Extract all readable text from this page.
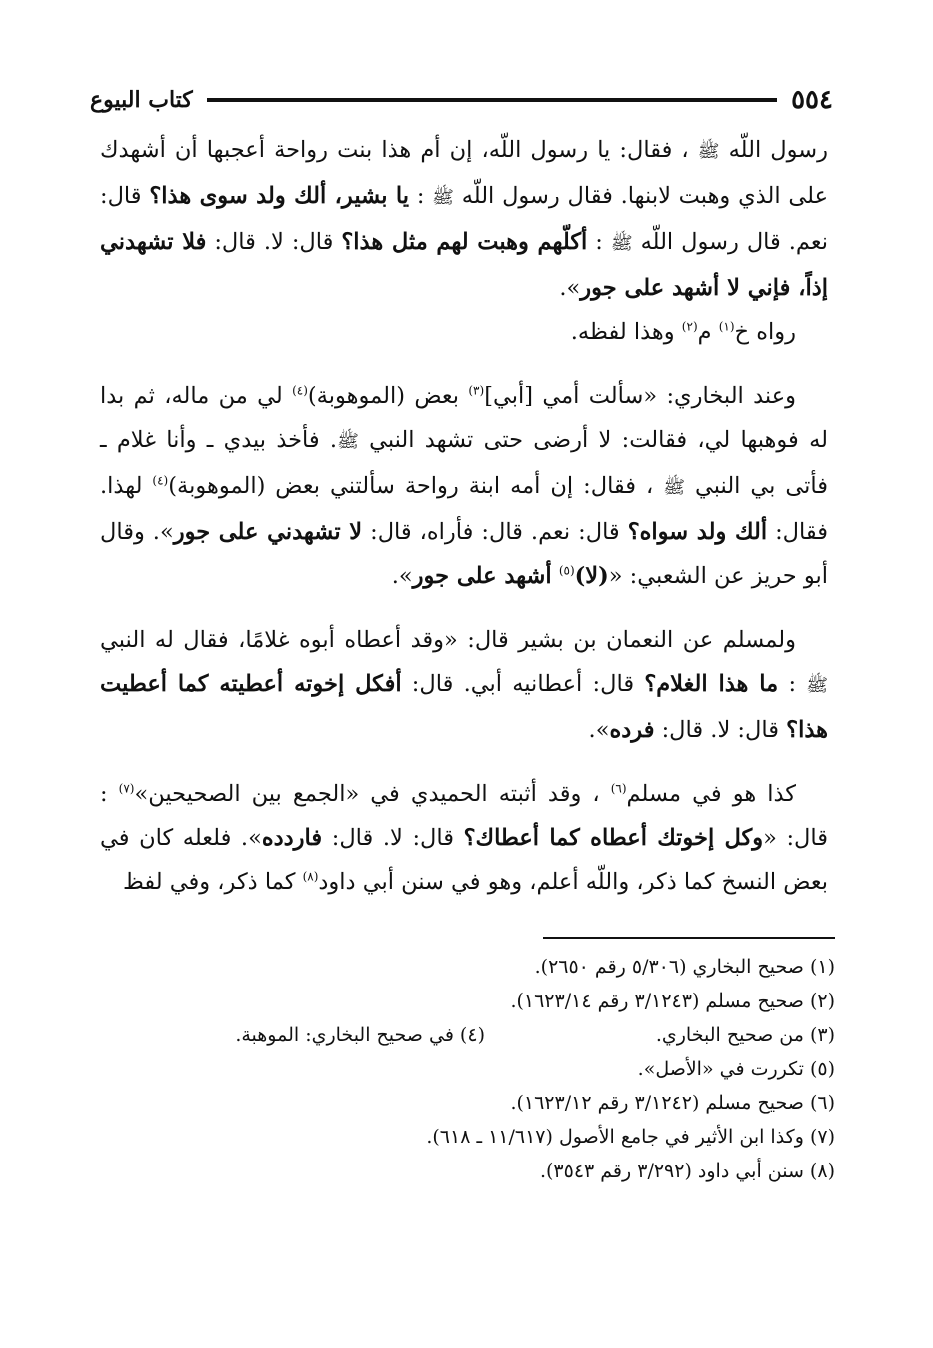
٥٥٤
كتاب البيوع

رسول اللّه ﷺ ، فقال: يا رسول اللّه، إن أم هذا بنت رواحة أعجبها أن أشهدك على الذي وهبت لابنها. فقال رسول اللّه ﷺ : يا بشير، ألك ولد سوى هذا؟ قال: نعم. قال رسول اللّه ﷺ : أكلّهم وهبت لهم مثل هذا؟ قال: لا. قال: فلا تشهدني إذاً، فإني لا أشهد على جور».

رواه خ$^{(١)}$ م$^{(٢)}$ وهذا لفظه.

وعند البخاري: «سألت أمي [أبي]$^{(٣)}$ بعض (الموهوبة)$^{(٤)}$ لي من ماله، ثم بدا له فوهبها لي، فقالت: لا أرضى حتى تشهد النبي ﷺ. فأخذ بيدي ـ وأنا غلام ـ فأتى بي النبي ﷺ ، فقال: إن أمه ابنة رواحة سألتني بعض (الموهوبة)$^{(٤)}$ لهذا. فقال: ألك ولد سواه؟ قال: نعم. قال: فأراه، قال: لا تشهدني على جور». وقال أبو حريز عن الشعبي: «(لا)$^{(٥)}$ أشهد على جور».

ولمسلم عن النعمان بن بشير قال: «وقد أعطاه أبوه غلامًا، فقال له النبي ﷺ : ما هذا الغلام؟ قال: أعطانيه أبي. قال: أفكل إخوته أعطيته كما أعطيت هذا؟ قال: لا. قال: فرده».

كذا هو في مسلم$^{(٦)}$ ، وقد أثبته الحميدي في «الجمع بين الصحيحين»$^{(٧)}$ : قال: «وكل إخوتك أعطاه كما أعطاك؟ قال: لا. قال: فاردده». فلعله كان في بعض النسخ كما ذكر، واللّه أعلم، وهو في سنن أبي داود$^{(٨)}$ كما ذكر، وفي لفظ

(١) صحيح البخاري (٥/٣٠٦ رقم ٢٦٥٠).
(٢) صحيح مسلم (٣/١٢٤٣ رقم ١٦٢٣/١٤).
(٣) من صحيح البخاري.
(٤) في صحيح البخاري: الموهبة.
(٥) تكررت في «الأصل».
(٦) صحيح مسلم (٣/١٢٤٢ رقم ١٦٢٣/١٢).
(٧) وكذا ابن الأثير في جامع الأصول (١١/٦١٧ ـ ٦١٨).
(٨) سنن أبي داود (٣/٢٩٢ رقم ٣٥٤٣).
